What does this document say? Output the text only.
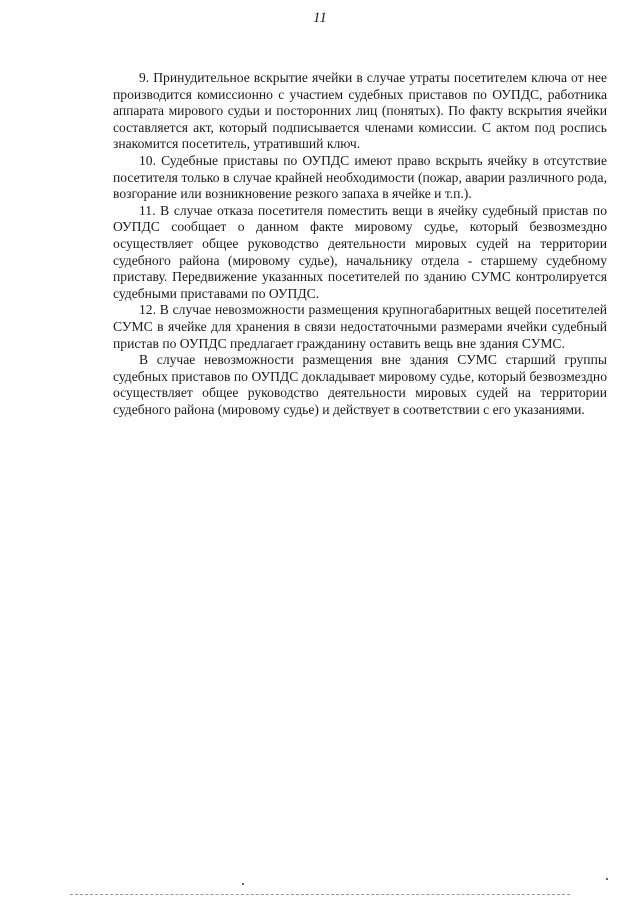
11

9. Принудительное вскрытие ячейки в случае утраты посетителем ключа от нее производится комиссионно с участием судебных приставов по ОУПДС, работника аппарата мирового судьи и посторонних лиц (понятых). По факту вскрытия ячейки составляется акт, который подписывается членами комиссии. С актом под роспись знакомится посетитель, утративший ключ.

10. Судебные приставы по ОУПДС имеют право вскрыть ячейку в отсутствие посетителя только в случае крайней необходимости (пожар, аварии различного рода, возгорание или возникновение резкого запаха в ячейке и т.п.).

11. В случае отказа посетителя поместить вещи в ячейку судебный пристав по ОУПДС сообщает о данном факте мировому судье, который безвозмездно осуществляет общее руководство деятельности мировых судей на территории судебного района (мировому судье), начальнику отдела - старшему судебному приставу. Передвижение указанных посетителей по зданию СУМС контролируется судебными приставами по ОУПДС.

12. В случае невозможности размещения крупногабаритных вещей посетителей СУМС в ячейке для хранения в связи недостаточными размерами ячейки судебный пристав по ОУПДС предлагает гражданину оставить вещь вне здания СУМС.

В случае невозможности размещения вне здания СУМС старший группы судебных приставов по ОУПДС докладывает мировому судье, который безвозмездно осуществляет общее руководство деятельности мировых судей на территории судебного района (мировому судье) и действует в соответствии с его указаниями.
